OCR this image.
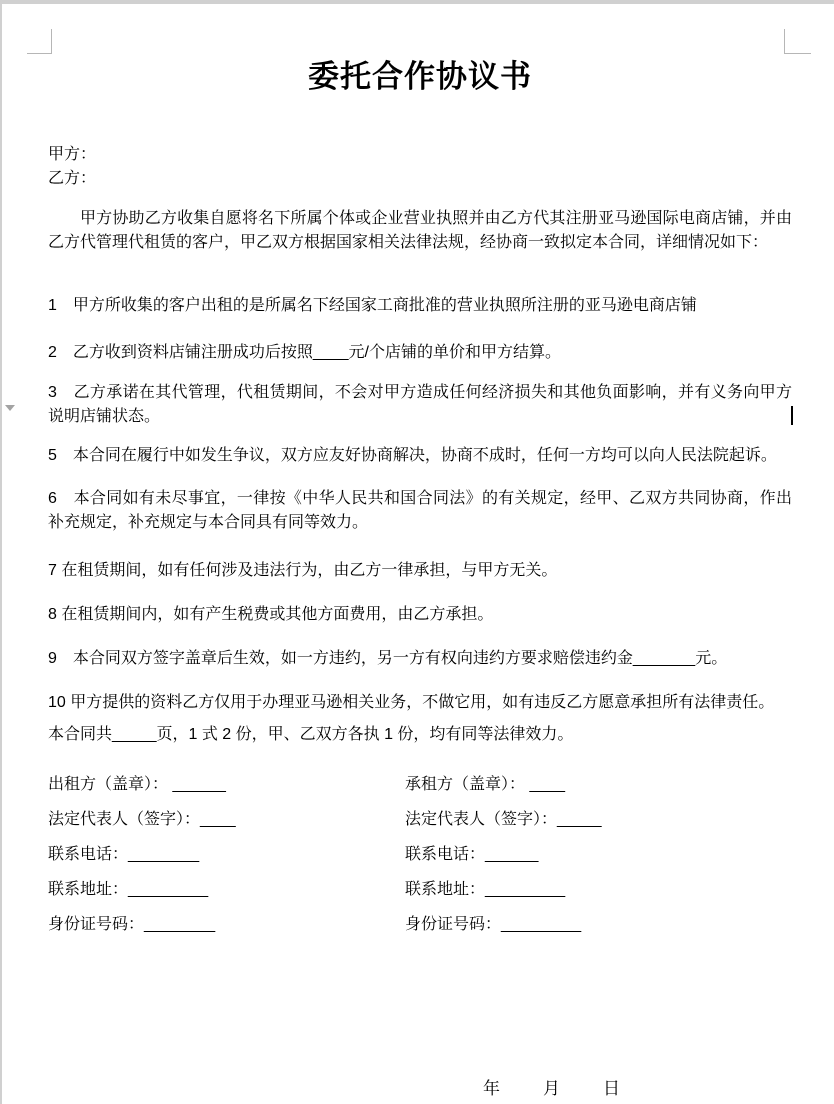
委托合作协议书

甲方：

乙方：

甲方协助乙方收集自愿将名下所属个体或企业营业执照并由乙方代其注册亚马逊国际电商店铺，并由乙方代管理代租赁的客户，甲乙双方根据国家相关法律法规，经协商一致拟定本合同，详细情况如下：

1　甲方所收集的客户出租的是所属名下经国家工商批准的营业执照所注册的亚马逊电商店铺

2　乙方收到资料店铺注册成功后按照____元/个店铺的单价和甲方结算。

3　乙方承诺在其代管理，代租赁期间，不会对甲方造成任何经济损失和其他负面影响，并有义务向甲方说明店铺状态。

5　本合同在履行中如发生争议，双方应友好协商解决，协商不成时，任何一方均可以向人民法院起诉。

6　本合同如有未尽事宜，一律按《中华人民共和国合同法》的有关规定，经甲、乙双方共同协商，作出补充规定，补充规定与本合同具有同等效力。

7 在租赁期间，如有任何涉及违法行为，由乙方一律承担，与甲方无关。

8 在租赁期间内，如有产生税费或其他方面费用，由乙方承担。

9　本合同双方签字盖章后生效，如一方违约，另一方有权向违约方要求赔偿违约金_______元。

10 甲方提供的资料乙方仅用于办理亚马逊相关业务，不做它用，如有违反乙方愿意承担所有法律责任。

本合同共_____页，1 式 2 份，甲、乙双方各执 1 份，均有同等法律效力。

出租方（盖章）： ______	承租方（盖章）： ____
法定代表人（签字）：____	法定代表人（签字）：_____
联系电话：________	联系电话：______
联系地址：_________	联系地址：_________
身份证号码：________	身份证号码：_________
年　月　日
